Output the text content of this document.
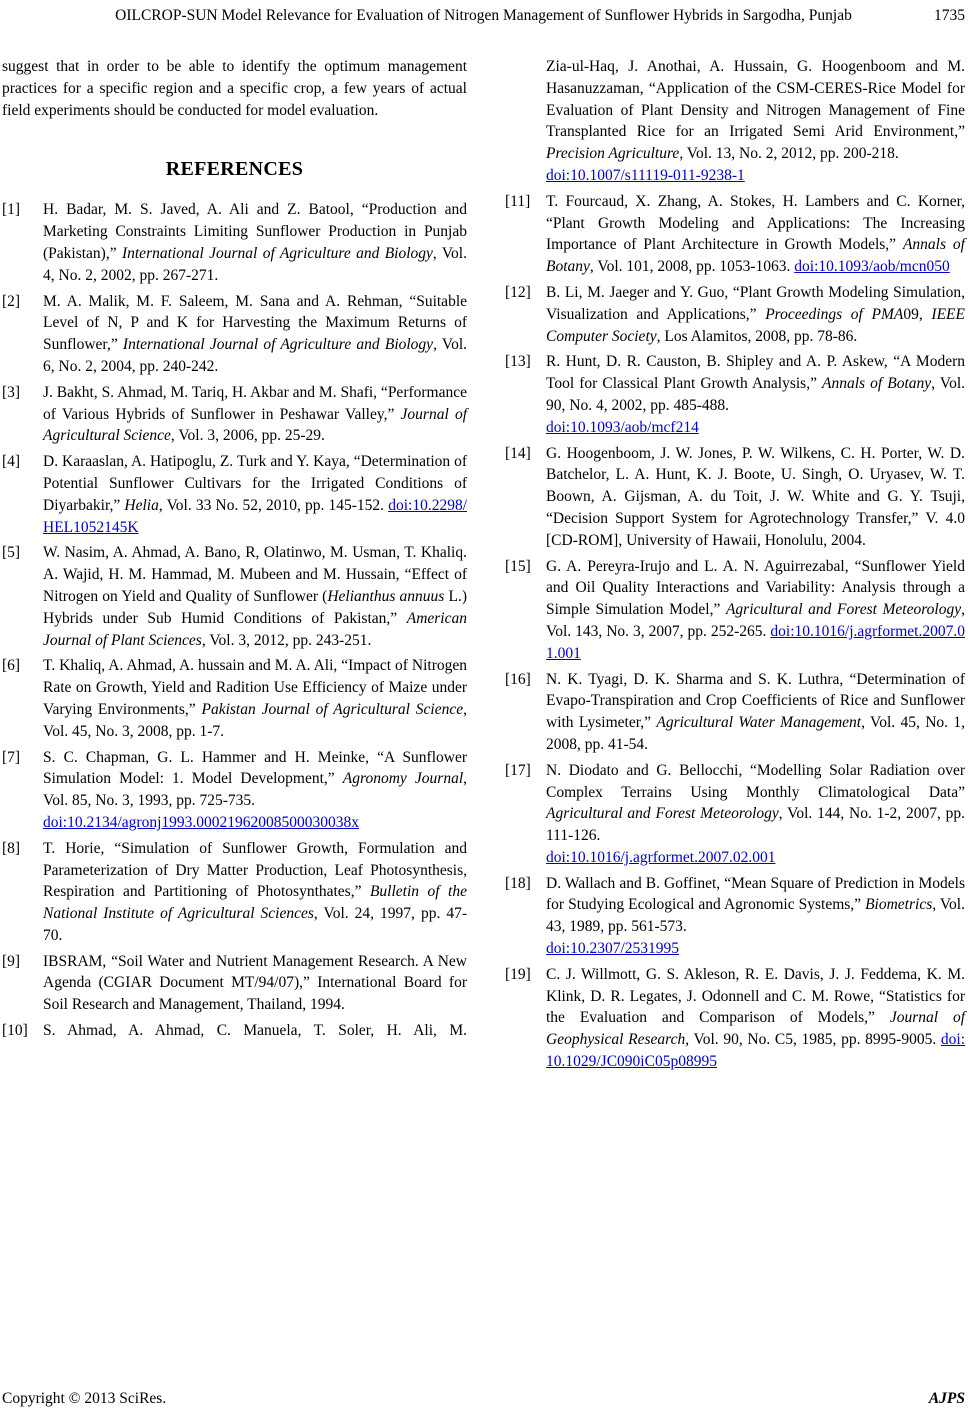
OILCROP-SUN Model Relevance for Evaluation of Nitrogen Management of Sunflower Hybrids in Sargodha, Punjab	1735

suggest that in order to be able to identify the optimum management practices for a specific region and a specific crop, a few years of actual field experiments should be conducted for model evaluation.

REFERENCES
[1]	H. Badar, M. S. Javed, A. Ali and Z. Batool, “Production and Marketing Constraints Limiting Sunflower Production in Punjab (Pakistan),” International Journal of Agriculture and Biology, Vol. 4, No. 2, 2002, pp. 267-271.
[2]	M. A. Malik, M. F. Saleem, M. Sana and A. Rehman, “Suitable Level of N, P and K for Harvesting the Maximum Returns of Sunflower,” International Journal of Agriculture and Biology, Vol. 6, No. 2, 2004, pp. 240-242.
[3]	J. Bakht, S. Ahmad, M. Tariq, H. Akbar and M. Shafi, “Performance of Various Hybrids of Sunflower in Peshawar Valley,” Journal of Agricultural Science, Vol. 3, 2006, pp. 25-29.
[4]	D. Karaaslan, A. Hatipoglu, Z. Turk and Y. Kaya, “Determination of Potential Sunflower Cultivars for the Irrigated Conditions of Diyarbakir,” Helia, Vol. 33 No. 52, 2010, pp. 145-152. doi:10.2298/HEL1052145K
[5]	W. Nasim, A. Ahmad, A. Bano, R, Olatinwo, M. Usman, T. Khaliq. A. Wajid, H. M. Hammad, M. Mubeen and M. Hussain, “Effect of Nitrogen on Yield and Quality of Sunflower (Helianthus annuus L.) Hybrids under Sub Humid Conditions of Pakistan,” American Journal of Plant Sciences, Vol. 3, 2012, pp. 243-251.
[6]	T. Khaliq, A. Ahmad, A. hussain and M. A. Ali, “Impact of Nitrogen Rate on Growth, Yield and Radition Use Efficiency of Maize under Varying Environments,” Pakistan Journal of Agricultural Science, Vol. 45, No. 3, 2008, pp. 1-7.
[7]	S. C. Chapman, G. L. Hammer and H. Meinke, “A Sunflower Simulation Model: 1. Model Development,” Agronomy Journal, Vol. 85, No. 3, 1993, pp. 725-735.
doi:10.2134/agronj1993.00021962008500030038x
[8]	T. Horie, “Simulation of Sunflower Growth, Formulation and Parameterization of Dry Matter Production, Leaf Photosynthesis, Respiration and Partitioning of Photosynthates,” Bulletin of the National Institute of Agricultural Sciences, Vol. 24, 1997, pp. 47-70.
[9]	IBSRAM, “Soil Water and Nutrient Management Research. A New Agenda (CGIAR Document MT/94/07),” International Board for Soil Research and Management, Thailand, 1994.
[10] S. Ahmad, A. Ahmad, C. Manuela, T. Soler, H. Ali, M.
Zia-ul-Haq, J. Anothai, A. Hussain, G. Hoogenboom and M. Hasanuzzaman, “Application of the CSM-CERES-Rice Model for Evaluation of Plant Density and Nitrogen Management of Fine Transplanted Rice for an Irrigated Semi Arid Environment,” Precision Agriculture, Vol. 13, No. 2, 2012, pp. 200-218.
doi:10.1007/s11119-011-9238-1
[11]	T. Fourcaud, X. Zhang, A. Stokes, H. Lambers and C. Korner, “Plant Growth Modeling and Applications: The Increasing Importance of Plant Architecture in Growth Models,” Annals of Botany, Vol. 101, 2008, pp. 1053-1063. doi:10.1093/aob/mcn050
[12] B. Li, M. Jaeger and Y. Guo, “Plant Growth Modeling Simulation, Visualization and Applications,” Proceedings of PMA09, IEEE Computer Society, Los Alamitos, 2008, pp. 78-86.
[13] R. Hunt, D. R. Causton, B. Shipley and A. P. Askew, “A Modern Tool for Classical Plant Growth Analysis,” Annals of Botany, Vol. 90, No. 4, 2002, pp. 485-488.
doi:10.1093/aob/mcf214
[14] G. Hoogenboom, J. W. Jones, P. W. Wilkens, C. H. Porter, W. D. Batchelor, L. A. Hunt, K. J. Boote, U. Singh, O. Uryasev, W. T. Boown, A. Gijsman, A. du Toit, J. W. White and G. Y. Tsuji, “Decision Support System for Agrotechnology Transfer,” V. 4.0 [CD-ROM], University of Hawaii, Honolulu, 2004.
[15] G. A. Pereyra-Irujo and L. A. N. Aguirrezabal, “Sunflower Yield and Oil Quality Interactions and Variability: Analysis through a Simple Simulation Model,” Agricultural and Forest Meteorology, Vol. 143, No. 3, 2007, pp. 252-265. doi:10.1016/j.agrformet.2007.01.001
[16] N. K. Tyagi, D. K. Sharma and S. K. Luthra, “Determination of Evapo-Transpiration and Crop Coefficients of Rice and Sunflower with Lysimeter,” Agricultural Water Management, Vol. 45, No. 1, 2008, pp. 41-54.
[17] N. Diodato and G. Bellocchi, “Modelling Solar Radiation over Complex Terrains Using Monthly Climatological Data” Agricultural and Forest Meteorology, Vol. 144, No. 1-2, 2007, pp. 111-126.
doi:10.1016/j.agrformet.2007.02.001
[18] D. Wallach and B. Goffinet, “Mean Square of Prediction in Models for Studying Ecological and Agronomic Systems,” Biometrics, Vol. 43, 1989, pp. 561-573.
doi:10.2307/2531995
[19] C. J. Willmott, G. S. Akleson, R. E. Davis, J. J. Feddema, K. M. Klink, D. R. Legates, J. Odonnell and C. M. Rowe, “Statistics for the Evaluation and Comparison of Models,” Journal of Geophysical Research, Vol. 90, No. C5, 1985, pp. 8995-9005. doi:10.1029/JC090iC05p08995
Copyright © 2013 SciRes.	AJPS
